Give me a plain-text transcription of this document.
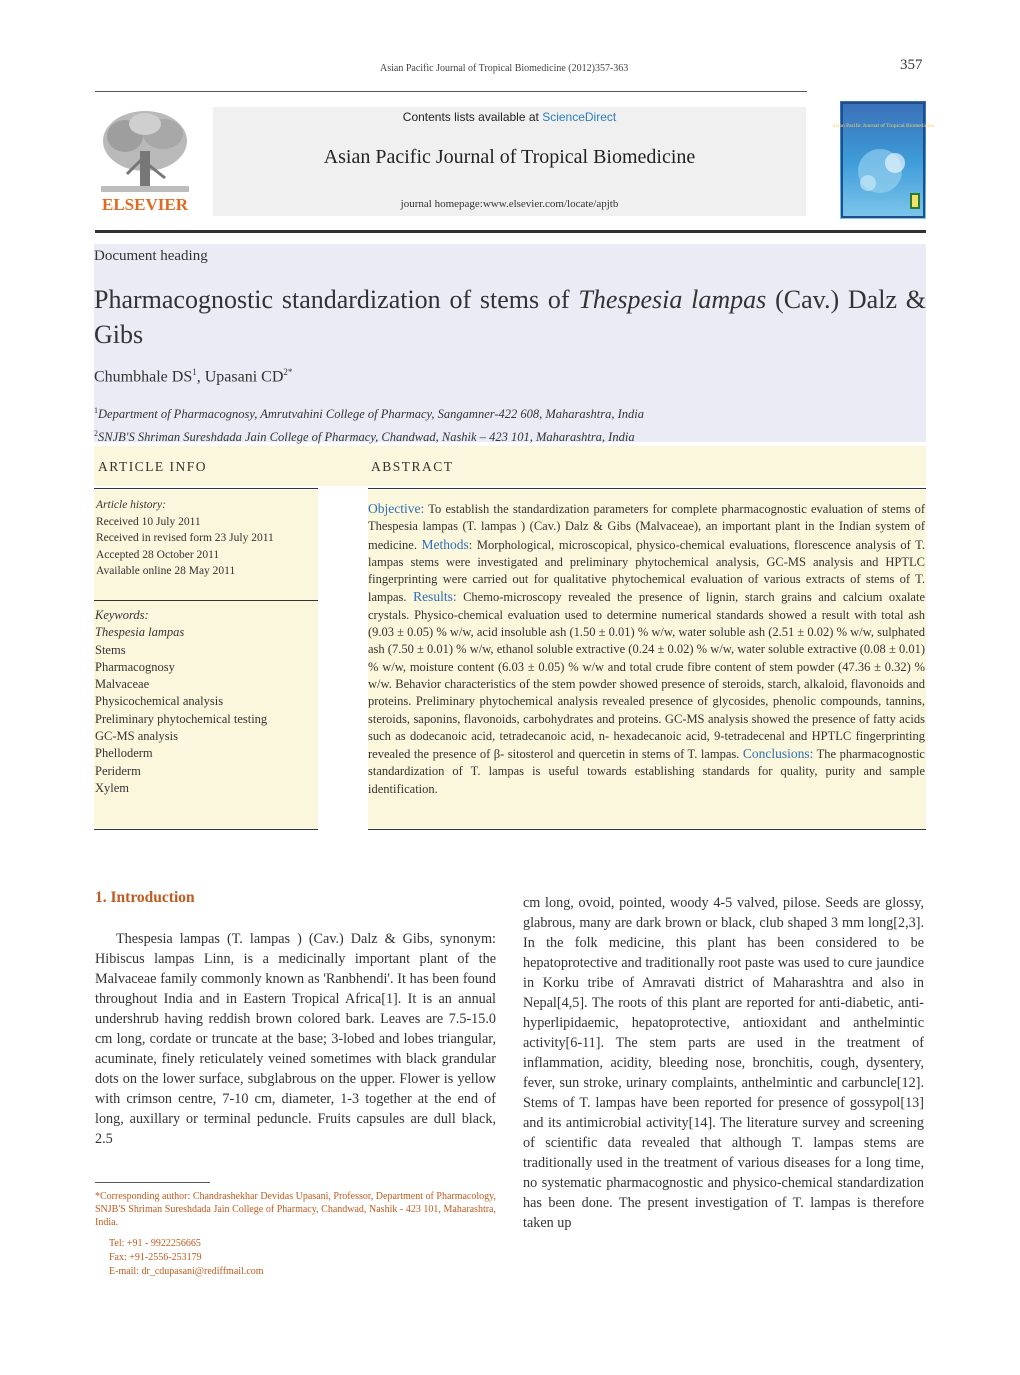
Asian Pacific Journal of Tropical Biomedicine (2012)357-363	357
ELSEVIER
Contents lists available at ScienceDirect
Asian Pacific Journal of Tropical Biomedicine
journal homepage:www.elsevier.com/locate/apjtb
Asian Pacific Journal of Tropical Biomedicine
Document heading
Pharmacognostic standardization of stems of Thespesia lampas (Cav.) Dalz & Gibs
Chumbhale $DS^1$, Upasani $CD^{2*}$
$^1$Department of Pharmacognosy, Amrutvahini College of Pharmacy, Sangamner-422 608, Maharashtra, India
$^2$SNJB'S Shriman Sureshdada Jain College of Pharmacy, Chandwad, Nashik – 423 101, Maharashtra, India
ARTICLE INFO	ABSTRACT
Article history:
Received 10 July 2011
Received in revised form 23 July 2011
Accepted 28 October 2011
Available online 28 May 2011
Keywords:
Thespesia lampas
Stems
Pharmacognosy
Malvaceae
Physicochemical analysis
Preliminary phytochemical testing
GC-MS analysis
Phelloderm
Periderm
Xylem
Objective: To establish the standardization parameters for complete pharmacognostic evaluation of stems of Thespesia lampas (T. lampas ) (Cav.) Dalz & Gibs (Malvaceae), an important plant in the Indian system of medicine. Methods: Morphological, microscopical, physico-chemical evaluations, florescence analysis of T. lampas stems were investigated and preliminary phytochemical analysis, GC-MS analysis and HPTLC fingerprinting were carried out for qualitative phytochemical evaluation of various extracts of stems of T. lampas. Results: Chemo-microscopy revealed the presence of lignin, starch grains and calcium oxalate crystals. Physico-chemical evaluation used to determine numerical standards showed a result with total ash (9.03 ± 0.05) % w/w, acid insoluble ash (1.50 ± 0.01) % w/w, water soluble ash (2.51 ± 0.02) % w/w, sulphated ash (7.50 ± 0.01) % w/w, ethanol soluble extractive (0.24 ± 0.02) % w/w, water soluble extractive (0.08 ± 0.01) % w/w, moisture content (6.03 ± 0.05) % w/w and total crude fibre content of stem powder (47.36 ± 0.32) % w/w. Behavior characteristics of the stem powder showed presence of steroids, starch, alkaloid, flavonoids and proteins. Preliminary phytochemical analysis revealed presence of glycosides, phenolic compounds, tannins, steroids, saponins, flavonoids, carbohydrates and proteins. GC-MS analysis showed the presence of fatty acids such as dodecanoic acid, tetradecanoic acid, n- hexadecanoic acid, 9-tetradecenal and HPTLC fingerprinting revealed the presence of β- sitosterol and quercetin in stems of T. lampas. Conclusions: The pharmacognostic standardization of T. lampas is useful towards establishing standards for quality, purity and sample identification.
1. Introduction
Thespesia lampas (T. lampas ) (Cav.) Dalz & Gibs, synonym: Hibiscus lampas Linn, is a medicinally important plant of the Malvaceae family commonly known as 'Ranbhendi'. It has been found throughout India and in Eastern Tropical Africa[1]. It is an annual undershrub having reddish brown colored bark. Leaves are 7.5-15.0 cm long, cordate or truncate at the base; 3-lobed and lobes triangular, acuminate, finely reticulately veined sometimes with black grandular dots on the lower surface, subglabrous on the upper. Flower is yellow with crimson centre, 7-10 cm, diameter, 1-3 together at the end of long, auxillary or terminal peduncle. Fruits capsules are dull black, 2.5
cm long, ovoid, pointed, woody 4-5 valved, pilose. Seeds are glossy, glabrous, many are dark brown or black, club shaped 3 mm long[2,3]. In the folk medicine, this plant has been considered to be hepatoprotective and traditionally root paste was used to cure jaundice in Korku tribe of Amravati district of Maharashtra and also in Nepal[4,5]. The roots of this plant are reported for anti-diabetic, anti-hyperlipidaemic, hepatoprotective, antioxidant and anthelmintic activity[6-11]. The stem parts are used in the treatment of inflammation, acidity, bleeding nose, bronchitis, cough, dysentery, fever, sun stroke, urinary complaints, anthelmintic and carbuncle[12]. Stems of T. lampas have been reported for presence of gossypol[13] and its antimicrobial activity[14]. The literature survey and screening of scientific data revealed that although T. lampas stems are traditionally used in the treatment of various diseases for a long time, no systematic pharmacognostic and physico-chemical standardization has been done. The present investigation of T. lampas is therefore taken up
*Corresponding author: Chandrashekhar Devidas Upasani, Professor, Department of Pharmacology, SNJB'S Shriman Sureshdada Jain College of Pharmacy, Chandwad, Nashik - 423 101, Maharashtra, India.
Tel: +91 - 9922256665
Fax: +91-2556-253179
E-mail: dr_cdupasani@rediffmail.com
